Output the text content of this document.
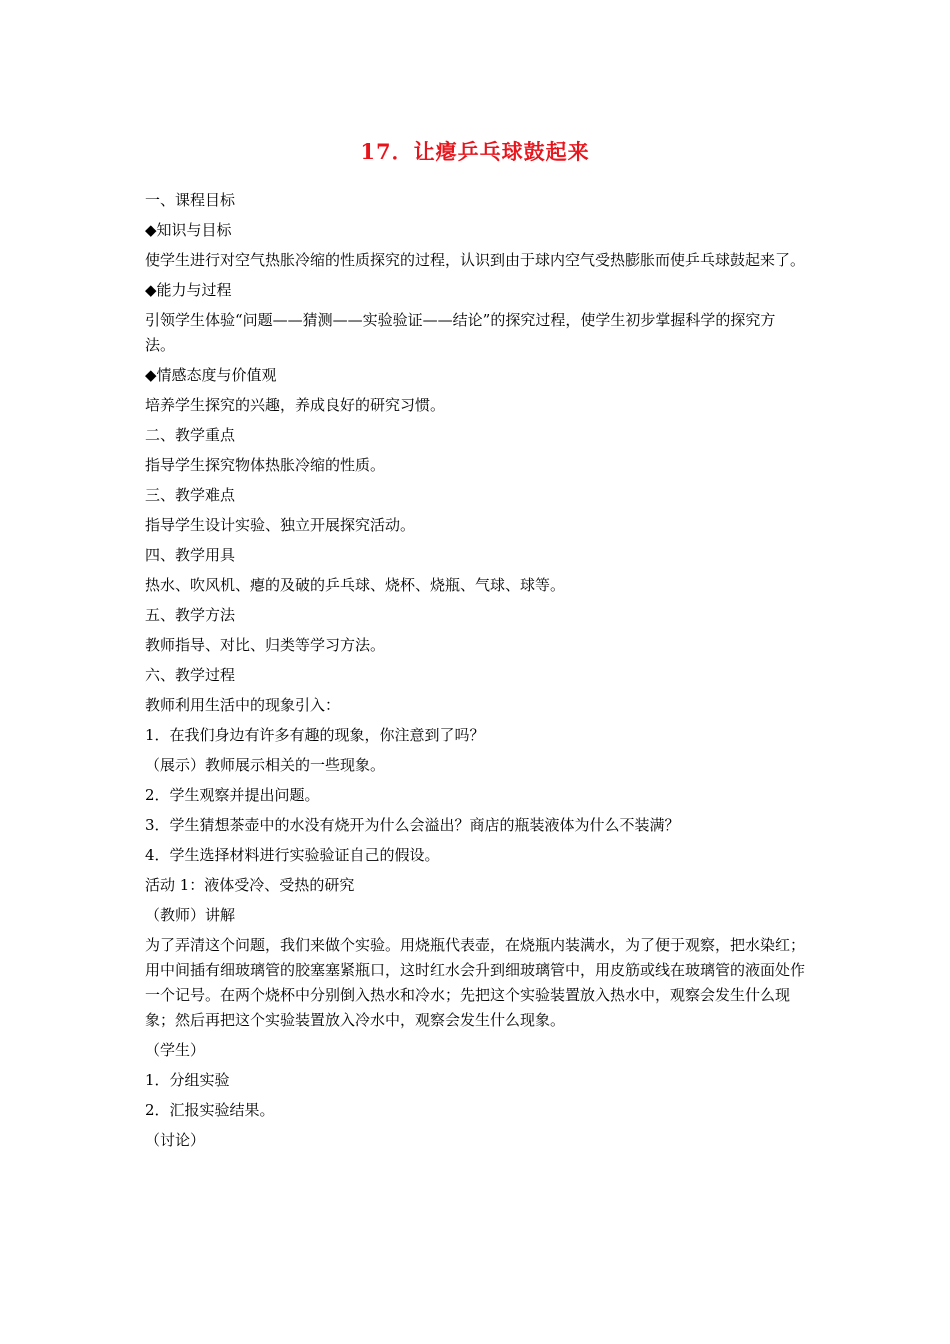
17．让瘪乒乓球鼓起来

一、课程目标

◆知识与目标

使学生进行对空气热胀冷缩的性质探究的过程，认识到由于球内空气受热膨胀而使乒乓球鼓起来了。

◆能力与过程

引领学生体验“问题——猜测——实验验证——结论”的探究过程，使学生初步掌握科学的探究方法。

◆情感态度与价值观

培养学生探究的兴趣，养成良好的研究习惯。

二、教学重点

指导学生探究物体热胀冷缩的性质。

三、教学难点

指导学生设计实验、独立开展探究活动。

四、教学用具

热水、吹风机、瘪的及破的乒乓球、烧杯、烧瓶、气球、球等。

五、教学方法

教师指导、对比、归类等学习方法。

六、教学过程

教师利用生活中的现象引入：

1．在我们身边有许多有趣的现象，你注意到了吗？

（展示）教师展示相关的一些现象。

2．学生观察并提出问题。

3．学生猜想茶壶中的水没有烧开为什么会溢出？商店的瓶装液体为什么不装满？

4．学生选择材料进行实验验证自己的假设。

活动 1：液体受冷、受热的研究

（教师）讲解

为了弄清这个问题，我们来做个实验。用烧瓶代表壶，在烧瓶内装满水，为了便于观察，把水染红；用中间插有细玻璃管的胶塞塞紧瓶口，这时红水会升到细玻璃管中，用皮筋或线在玻璃管的液面处作一个记号。在两个烧杯中分别倒入热水和冷水；先把这个实验装置放入热水中，观察会发生什么现象；然后再把这个实验装置放入冷水中，观察会发生什么现象。

（学生）

1．分组实验

2．汇报实验结果。

（讨论）
